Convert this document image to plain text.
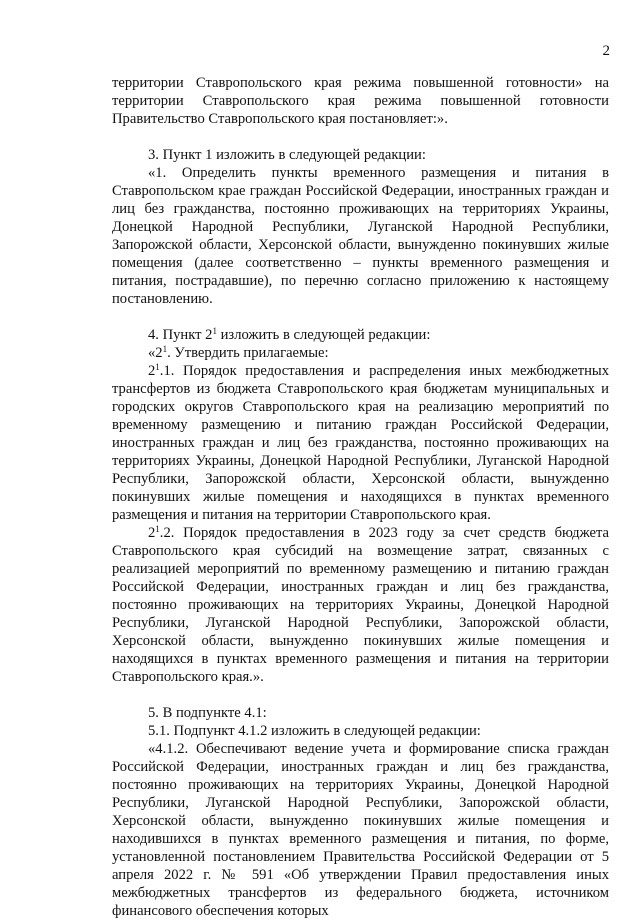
2

территории Ставропольского края режима повышенной готовности» на территории Ставропольского края режима повышенной готовности Правительство Ставропольского края постановляет:».

3. Пункт 1 изложить в следующей редакции:

«1. Определить пункты временного размещения и питания в Ставропольском крае граждан Российской Федерации, иностранных граждан и лиц без гражданства, постоянно проживающих на территориях Украины, Донецкой Народной Республики, Луганской Народной Республики, Запорожской области, Херсонской области, вынужденно покинувших жилые помещения (далее соответственно – пункты временного размещения и питания, пострадавшие), по перечню согласно приложению к настоящему постановлению.

4. Пункт $2^1$ изложить в следующей редакции:

«$2^1$. Утвердить прилагаемые:

$2^1.1$. Порядок предоставления и распределения иных межбюджетных трансфертов из бюджета Ставропольского края бюджетам муниципальных и городских округов Ставропольского края на реализацию мероприятий по временному размещению и питанию граждан Российской Федерации, иностранных граждан и лиц без гражданства, постоянно проживающих на территориях Украины, Донецкой Народной Республики, Луганской Народной Республики, Запорожской области, Херсонской области, вынужденно покинувших жилые помещения и находящихся в пунктах временного размещения и питания на территории Ставропольского края.

$2^1.2$. Порядок предоставления в 2023 году за счет средств бюджета Ставропольского края субсидий на возмещение затрат, связанных с реализацией мероприятий по временному размещению и питанию граждан Российской Федерации, иностранных граждан и лиц без гражданства, постоянно проживающих на территориях Украины, Донецкой Народной Республики, Луганской Народной Республики, Запорожской области, Херсонской области, вынужденно покинувших жилые помещения и находящихся в пунктах временного размещения и питания на территории Ставропольского края.».

5. В подпункте 4.1:

5.1. Подпункт 4.1.2 изложить в следующей редакции:

«4.1.2. Обеспечивают ведение учета и формирование списка граждан Российской Федерации, иностранных граждан и лиц без гражданства, постоянно проживающих на территориях Украины, Донецкой Народной Республики, Луганской Народной Республики, Запорожской области, Херсонской области, вынужденно покинувших жилые помещения и находившихся в пунктах временного размещения и питания, по форме, установленной постановлением Правительства Российской Федерации от 5 апреля 2022 г. № 591 «Об утверждении Правил предоставления иных межбюджетных трансфертов из федерального бюджета, источником финансового обеспечения которых
